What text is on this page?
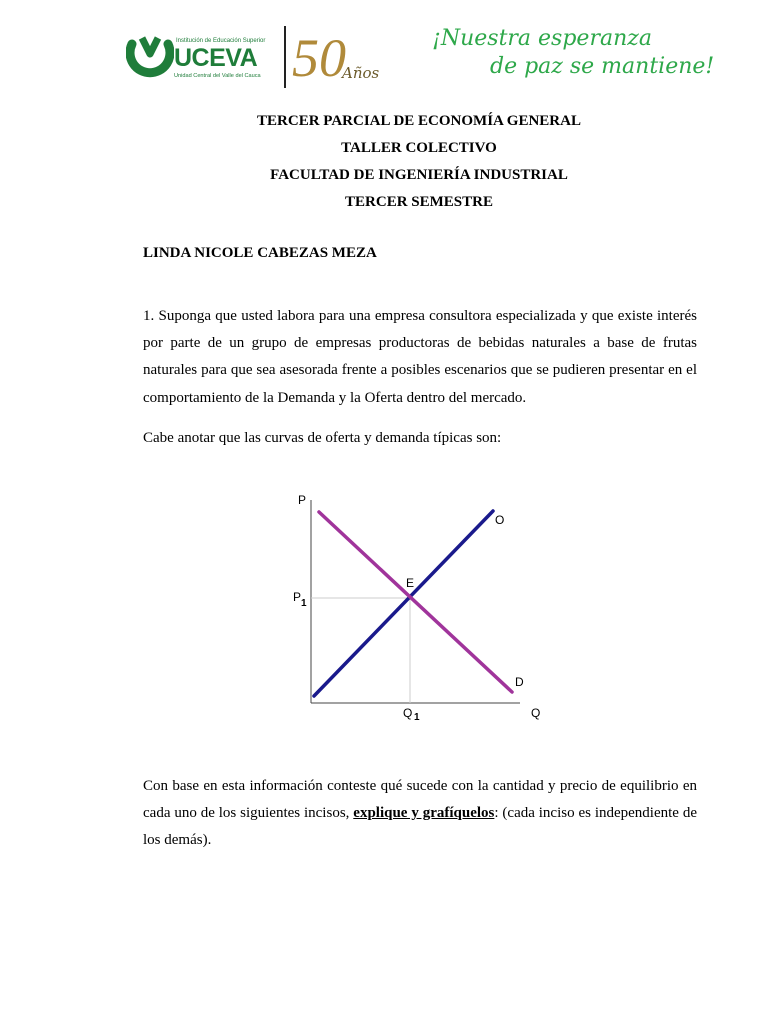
Institución de Educación Superior
UCEVA
Unidad Central del Valle del Cauca 50
Años
¡Nuestra esperanza
de paz se mantiene!
TERCER PARCIAL DE ECONOMÍA GENERAL
TALLER COLECTIVO
FACULTAD DE INGENIERÍA INDUSTRIAL
TERCER SEMESTRE
LINDA NICOLE CABEZAS MEZA
1. Suponga que usted labora para una empresa consultora especializada y que existe interés por parte de un grupo de empresas productoras de bebidas naturales a base de frutas naturales para que sea asesorada frente a posibles escenarios que se pudieren presentar en el comportamiento de la Demanda y la Oferta dentro del mercado.
Cabe anotar que las curvas de oferta y demanda típicas son:
P
Q
O
D
E
P 1
Q 1
Con base en esta información conteste qué sucede con la cantidad y precio de equilibrio en cada uno de los siguientes incisos, explique y grafíquelos: (cada inciso es independiente de los demás).
